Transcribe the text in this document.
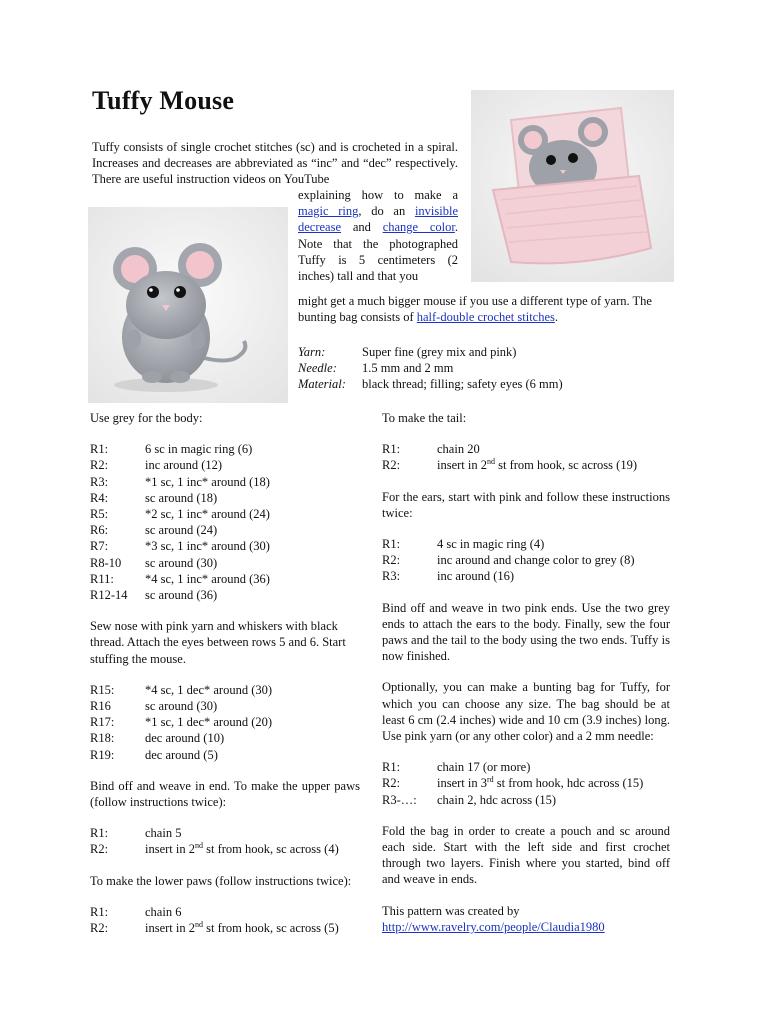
Tuffy Mouse
Tuffy consists of single crochet stitches (sc) and is crocheted in a spiral. Increases and decreases are abbreviated as “inc” and “dec” respectively. There are useful instruction videos on YouTube
explaining how to make a magic ring, do an invisible decrease and change color. Note that the photographed Tuffy is 5 centimeters (2 inches) tall and that you
might get a much bigger mouse if you use a different type of yarn. The bunting bag consists of half-double crochet stitches.
Yarn:	Super fine (grey mix and pink)
Needle:	1.5 mm and 2 mm
Material:	black thread; filling; safety eyes (6 mm)

Use grey for the body:

R1:	6 sc in magic ring (6)
R2:	inc around (12)
R3:	*1 sc, 1 inc* around (18)
R4:	sc around (18)
R5:	*2 sc, 1 inc* around (24)
R6:	sc around (24)
R7:	*3 sc, 1 inc* around (30)
R8-10	sc around (30)
R11:	*4 sc, 1 inc* around (36)
R12-14	sc around (36)

Sew nose with pink yarn and whiskers with black thread. Attach the eyes between rows 5 and 6. Start stuffing the mouse.

R15:	*4 sc, 1 dec* around (30)
R16	sc around (30)
R17:	*1 sc, 1 dec* around (20)
R18:	dec around (10)
R19:	dec around (5)

Bind off and weave in end. To make the upper paws (follow instructions twice):

R1:	chain 5
R2:	insert in 2nd st from hook, sc across (4)

To make the lower paws (follow instructions twice):

R1:	chain 6
R2:	insert in 2nd st from hook, sc across (5)

To make the tail:

R1:	chain 20
R2:	insert in 2nd st from hook, sc across (19)

For the ears, start with pink and follow these instructions twice:

R1:	4 sc in magic ring (4)
R2:	inc around and change color to grey (8)
R3:	inc around (16)

Bind off and weave in two pink ends. Use the two grey ends to attach the ears to the body. Finally, sew the four paws and the tail to the body using the two ends. Tuffy is now finished.

Optionally, you can make a bunting bag for Tuffy, for which you can choose any size. The bag should be at least 6 cm (2.4 inches) wide and 10 cm (3.9 inches) long. Use pink yarn (or any other color) and a 2 mm needle:

R1:	chain 17 (or more)
R2:	insert in 3rd st from hook, hdc across (15)
R3-…:	chain 2, hdc across (15)

Fold the bag in order to create a pouch and sc around each side. Start with the left side and first crochet through two layers. Finish where you started, bind off and weave in ends.

This pattern was created by
http://www.ravelry.com/people/Claudia1980
